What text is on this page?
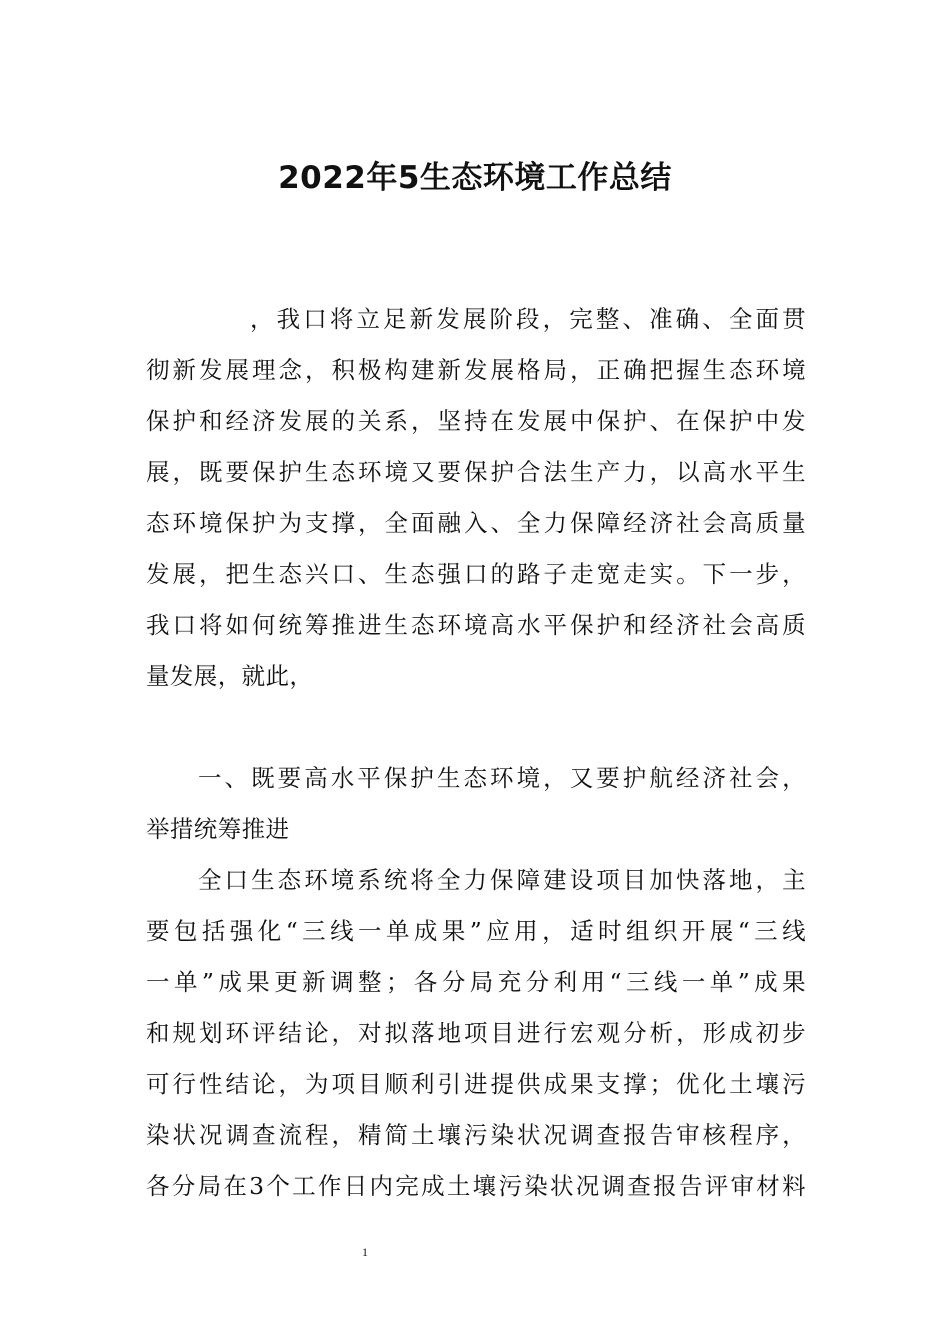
2022年5生态环境工作总结
，我口将立足新发展阶段，完整、准确、全面贯
彻新发展理念，积极构建新发展格局，正确把握生态环境
保护和经济发展的关系，坚持在发展中保护、在保护中发
展，既要保护生态环境又要保护合法生产力，以高水平生
态环境保护为支撑，全面融入、全力保障经济社会高质量
发展，把生态兴口、生态强口的路子走宽走实。下一步，
我口将如何统筹推进生态环境高水平保护和经济社会高质
量发展，就此，
一、既要高水平保护生态环境，又要护航经济社会，
举措统筹推进
全口生态环境系统将全力保障建设项目加快落地，主
要包括强化“三线一单成果”应用，适时组织开展“三线
一单”成果更新调整；各分局充分利用“三线一单”成果
和规划环评结论，对拟落地项目进行宏观分析，形成初步
可行性结论，为项目顺利引进提供成果支撑；优化土壤污
染状况调查流程，精简土壤污染状况调查报告审核程序，
各分局在3个工作日内完成土壤污染状况调查报告评审材料
1
